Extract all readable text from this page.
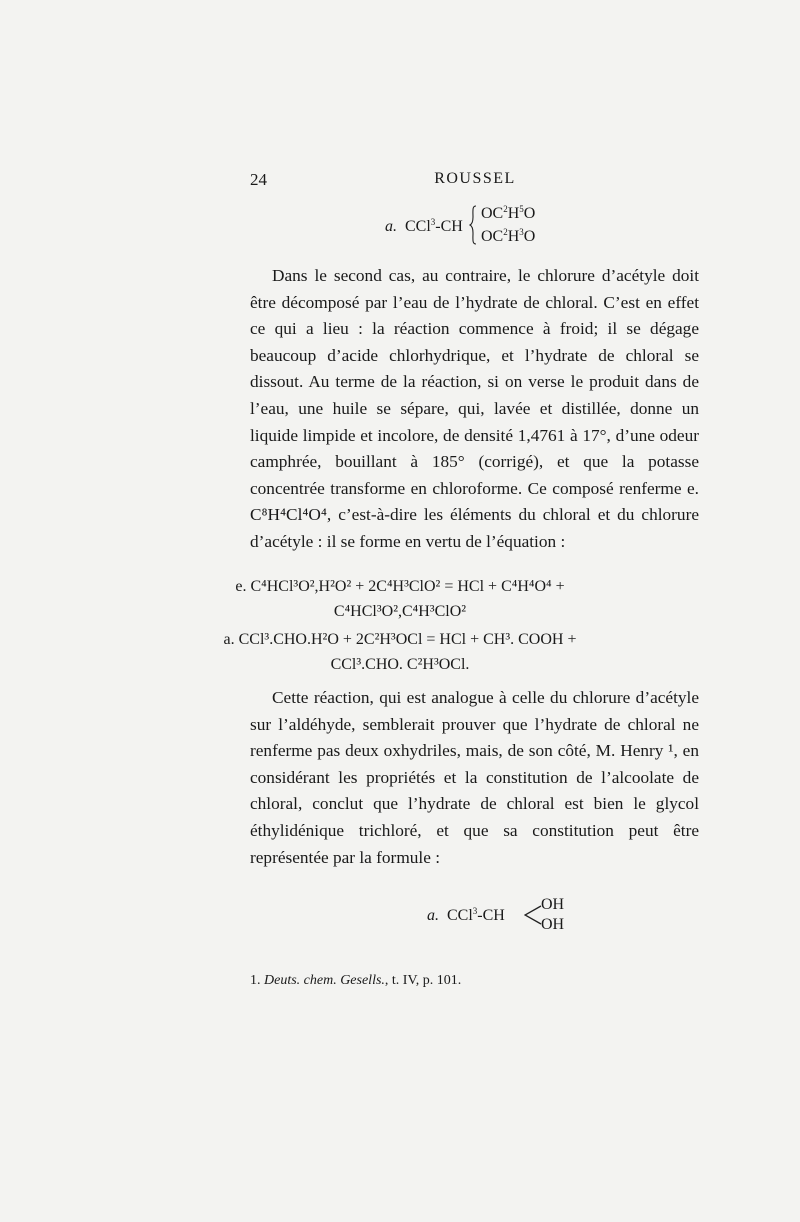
24	ROUSSEL
a. CCl$^3$-CH
$OC^2H^5O$
$OC^2H^3O$

Dans le second cas, au contraire, le chlorure d’acétyle doit être décomposé par l’eau de l’hydrate de chloral. C’est en effet ce qui a lieu : la réaction commence à froid; il se dégage beaucoup d’acide chlorhydrique, et l’hydrate de chloral se dissout. Au terme de la réaction, si on verse le produit dans de l’eau, une huile se sépare, qui, lavée et distillée, donne un liquide limpide et incolore, de densité 1,4761 à 17°, d’une odeur camphrée, bouillant à 185° (corrigé), et que la potasse concentrée transforme en chloroforme. Ce composé renferme e. C⁸H⁴Cl⁴O⁴, c’est-à-dire les éléments du chloral et du chlorure d’acétyle : il se forme en vertu de l’équation :

e. C⁴HCl³O²,H²O² + 2C⁴H³ClO² = HCl + C⁴H⁴O⁴ +
C⁴HCl³O²,C⁴H³ClO²
a. CCl³.CHO.H²O + 2C²H³OCl = HCl + CH³. COOH +
CCl³.CHO. C²H³OCl.

Cette réaction, qui est analogue à celle du chlorure d’acétyle sur l’aldéhyde, semblerait prouver que l’hydrate de chloral ne renferme pas deux oxhydriles, mais, de son côté, M. Henry ¹, en considérant les propriétés et la constitution de l’alcoolate de chloral, conclut que l’hydrate de chloral est bien le glycol éthylidénique trichloré, et que sa constitution peut être représentée par la formule :

a. CCl$^3$-CH
OH
OH
1. Deuts. chem. Gesells., t. IV, p. 101.
